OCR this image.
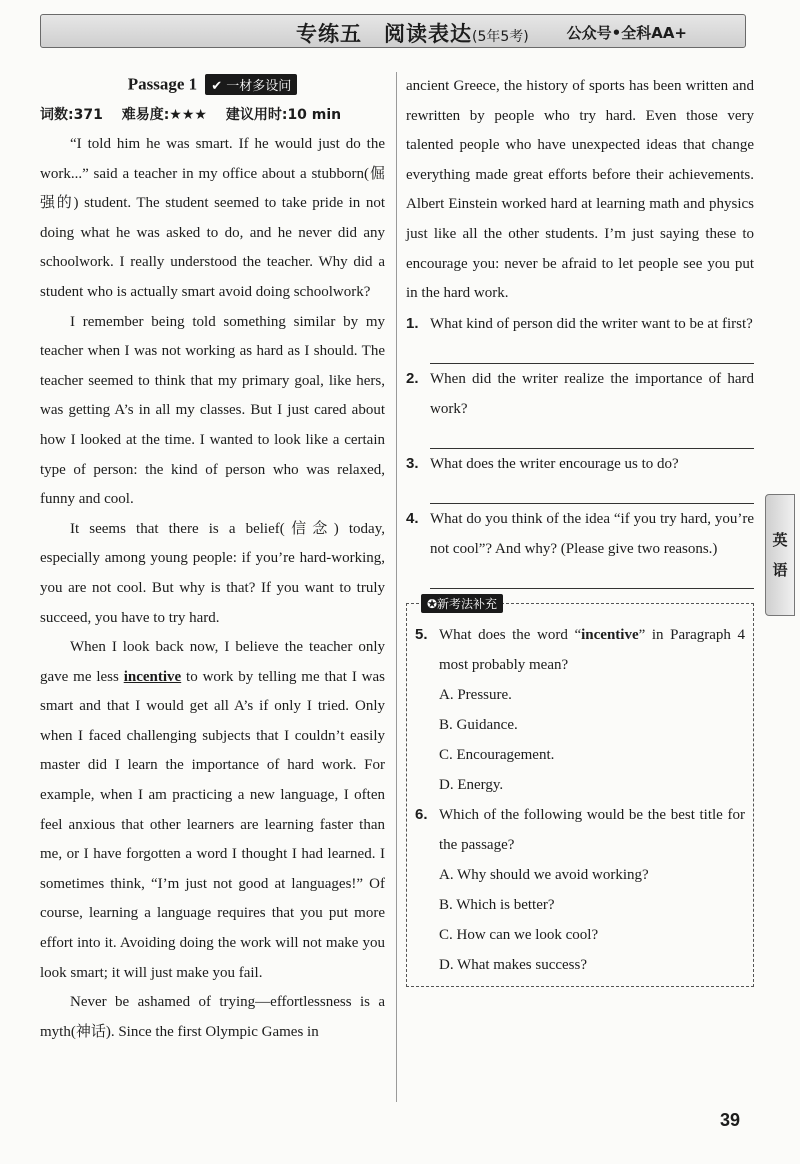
专练五　阅读表达(5年5考)	公众号•全科AA+
Passage 1 ✔ 一材多设问
词数:371 难易度:★★★ 建议用时:10 min

“I told him he was smart. If he would just do the work...” said a teacher in my office about a stubborn(倔强的) student. The student seemed to take pride in not doing what he was asked to do, and he never did any schoolwork. I really understood the teacher. Why did a student who is actually smart avoid doing schoolwork?

I remember being told something similar by my teacher when I was not working as hard as I should. The teacher seemed to think that my primary goal, like hers, was getting A’s in all my classes. But I just cared about how I looked at the time. I wanted to look like a certain type of person: the kind of person who was relaxed, funny and cool.

It seems that there is a belief(信念) today, especially among young people: if you’re hard-working, you are not cool. But why is that? If you want to truly succeed, you have to try hard.

When I look back now, I believe the teacher only gave me less incentive to work by telling me that I was smart and that I would get all A’s if only I tried. Only when I faced challenging subjects that I couldn’t easily master did I learn the importance of hard work. For example, when I am practicing a new language, I often feel anxious that other learners are learning faster than me, or I have forgotten a word I thought I had learned. I sometimes think, “I’m just not good at languages!” Of course, learning a language requires that you put more effort into it. Avoiding doing the work will not make you look smart; it will just make you fail.

Never be ashamed of trying—effortlessness is a myth(神话). Since the first Olympic Games in

ancient Greece, the history of sports has been written and rewritten by people who try hard. Even those very talented people who have unexpected ideas that change everything made great efforts before their achievements. Albert Einstein worked hard at learning math and physics just like all the other students. I’m just saying these to encourage you: never be afraid to let people see you put in the hard work.

1. What kind of person did the writer want to be at first?
2. When did the writer realize the importance of hard work?
3. What does the writer encourage us to do?
4. What do you think of the idea “if you try hard, you’re not cool”? And why? (Please give two reasons.)
✪新考法补充
5. What does the word “incentive” in Paragraph 4 most probably mean?
A. Pressure.
B. Guidance.
C. Encouragement.
D. Energy.
6. Which of the following would be the best title for the passage?
A. Why should we avoid working?
B. Which is better?
C. How can we look cool?
D. What makes success?
英
语
39
